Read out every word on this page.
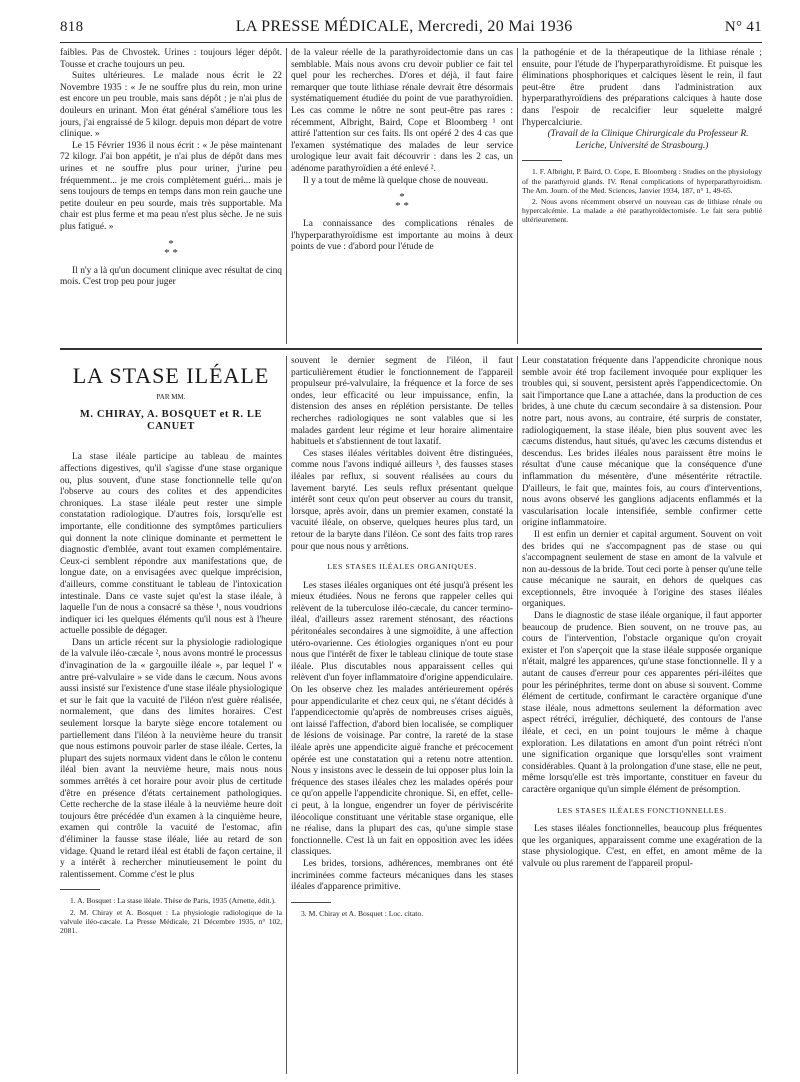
818	LA PRESSE MÉDICALE, Mercredi, 20 Mai 1936	N° 41

faibles. Pas de Chvostek. Urines : toujours léger dépôt. Tousse et crache toujours un peu.

Suites ultérieures. Le malade nous écrit le 22 Novembre 1935 : « Je ne souffre plus du rein, mon urine est encore un peu trouble, mais sans dépôt ; je n'ai plus de douleurs en urinant. Mon état général s'améliore tous les jours, j'ai engraissé de 5 kilogr. depuis mon départ de votre clinique. »

Le 15 Février 1936 il nous écrit : « Je pèse maintenant 72 kilogr. J'ai bon appétit, je n'ai plus de dépôt dans mes urines et ne souffre plus pour uriner, j'urine peu fréquemment... je me crois complètement guéri... mais je sens toujours de temps en temps dans mon rein gauche une petite douleur en peu sourde, mais très supportable. Ma chair est plus ferme et ma peau n'est plus sèche. Je ne suis plus fatigué. »

*
* *

Il n'y a là qu'un document clinique avec résultat de cinq mois. C'est trop peu pour juger

de la valeur réelle de la parathyroïdectomie dans un cas semblable. Mais nous avons cru devoir publier ce fait tel quel pour les recherches. D'ores et déjà, il faut faire remarquer que toute lithiase rénale devrait être désormais systématiquement étudiée du point de vue parathyroïdien. Les cas comme le nôtre ne sont peut-être pas rares : récemment, Albright, Baird, Cope et Bloomberg ¹ ont attiré l'attention sur ces faits. Ils ont opéré 2 des 4 cas que l'examen systématique des malades de leur service urologique leur avait fait découvrir : dans les 2 cas, un adénome parathyroïdien a été enlevé ².

Il y a tout de même là quelque chose de nouveau.

*
* *

La connaissance des complications rénales de l'hyperparathyroïdisme est importante au moins à deux points de vue : d'abord pour l'étude de

la pathogénie et de la thérapeutique de la lithiase rénale ; ensuite, pour l'étude de l'hyperparathyroïdisme. Et puisque les éliminations phosphoriques et calciques lèsent le rein, il faut peut-être être prudent dans l'administration aux hyperparathyroïdiens des préparations calciques à haute dose dans l'espoir de recalcifier leur squelette malgré l'hypercalciurie.

(Travail de la Clinique Chirurgicale du Professeur R. Leriche, Université de Strasbourg.)

1. F. Albright, P. Baird, O. Cope, E. Bloomberg : Studies on the physiology of the parathyroid glands. IV. Renal complications of hyperparathyroidism. The Am. Journ. of the Med. Sciences, Janvier 1934, 187, n° 1, 49-65.

2. Nous avons récemment observé un nouveau cas de lithiase rénale ou hypercalcémie. La malade a été parathyroïdectomisée. Le fait sera publié ultérieurement.

LA STASE ILÉALE
PAR MM.
M. CHIRAY, A. BOSQUET et R. LE CANUET

La stase iléale participe au tableau de maintes affections digestives, qu'il s'agisse d'une stase organique ou, plus souvent, d'une stase fonctionnelle telle qu'on l'observe au cours des colites et des appendicites chroniques. La stase iléale peut rester une simple constatation radiologique. D'autres fois, lorsqu'elle est importante, elle conditionne des symptômes particuliers qui donnent la note clinique dominante et permettent le diagnostic d'emblée, avant tout examen complémentaire. Ceux-ci semblent répondre aux manifestations que, de longue date, on a envisagées avec quelque imprécision, d'ailleurs, comme constituant le tableau de l'intoxication intestinale. Dans ce vaste sujet qu'est la stase iléale, à laquelle l'un de nous a consacré sa thèse ¹, nous voudrions indiquer ici les quelques éléments qu'il nous est à l'heure actuelle possible de dégager.

Dans un article récent sur la physiologie radiologique de la valvule iléo-cæcale ², nous avons montré le processus d'invagination de la « gargouille iléale », par lequel l' « antre pré-valvulaire » se vide dans le cæcum. Nous avons aussi insisté sur l'existence d'une stase iléale physiologique et sur le fait que la vacuité de l'iléon n'est guère réalisée, normalement, que dans des limites horaires. C'est seulement lorsque la baryte siège encore totalement ou partiellement dans l'iléon à la neuvième heure du transit que nous estimons pouvoir parler de stase iléale. Certes, la plupart des sujets normaux vident dans le côlon le contenu iléal bien avant la neuvième heure, mais nous nous sommes arrêtés à cet horaire pour avoir plus de certitude d'être en présence d'états certainement pathologiques. Cette recherche de la stase iléale à la neuvième heure doit toujours être précédée d'un examen à la cinquième heure, examen qui contrôle la vacuité de l'estomac, afin d'éliminer la fausse stase iléale, liée au retard de son vidage. Quand le retard iléal est établi de façon certaine, il y a intérêt à rechercher minutieusement le point du ralentissement. Comme c'est le plus

1. A. Bosquet : La stase iléale. Thèse de Paris, 1935 (Arnette, édit.).

2. M. Chiray et A. Bosquet : La physiologie radiologique de la valvule iléo-cæcale. La Presse Médicale, 21 Décembre 1935, n° 102, 2081.

souvent le dernier segment de l'iléon, il faut particulièrement étudier le fonctionnement de l'appareil propulseur pré-valvulaire, la fréquence et la force de ses ondes, leur efficacité ou leur impuissance, enfin, la distension des anses en réplétion persistante. De telles recherches radiologiques ne sont valables que si les malades gardent leur régime et leur horaire alimentaire habituels et s'abstiennent de tout laxatif.

Ces stases iléales véritables doivent être distinguées, comme nous l'avons indiqué ailleurs ³, des fausses stases iléales par reflux, si souvent réalisées au cours du lavement baryté. Les seuls reflux présentant quelque intérêt sont ceux qu'on peut observer au cours du transit, lorsque, après avoir, dans un premier examen, constaté la vacuité iléale, on observe, quelques heures plus tard, un retour de la baryte dans l'iléon. Ce sont des faits trop rares pour que nous nous y arrêtions.

LES STASES ILÉALES ORGANIQUES.

Les stases iléales organiques ont été jusqu'à présent les mieux étudiées. Nous ne ferons que rappeler celles qui relèvent de la tuberculose iléo-cæcale, du cancer termino-iléal, d'ailleurs assez rarement sténosant, des réactions péritonéales secondaires à une sigmoïdite, à une affection utéro-ovarienne. Ces étiologies organiques n'ont eu pour nous que l'intérêt de fixer le tableau clinique de toute stase iléale. Plus discutables nous apparaissent celles qui relèvent d'un foyer inflammatoire d'origine appendiculaire. On les observe chez les malades antérieurement opérés pour appendicularite et chez ceux qui, ne s'étant décidés à l'appendicectomie qu'après de nombreuses crises aiguës, ont laissé l'affection, d'abord bien localisée, se compliquer de lésions de voisinage. Par contre, la rareté de la stase iléale après une appendicite aiguë franche et précocement opérée est une constatation qui a retenu notre attention. Nous y insistons avec le dessein de lui opposer plus loin la fréquence des stases iléales chez les malades opérés pour ce qu'on appelle l'appendicite chronique. Si, en effet, celle-ci peut, à la longue, engendrer un foyer de périviscérite iléocolique constituant une véritable stase organique, elle ne réalise, dans la plupart des cas, qu'une simple stase fonctionnelle. C'est là un fait en opposition avec les idées classiques.

Les brides, torsions, adhérences, membranes ont été incriminées comme facteurs mécaniques dans les stases iléales d'apparence primitive.

3. M. Chiray et A. Bosquet : Loc. citato.

Leur constatation fréquente dans l'appendicite chronique nous semble avoir été trop facilement invoquée pour expliquer les troubles qui, si souvent, persistent après l'appendicectomie. On sait l'importance que Lane a attachée, dans la production de ces brides, à une chute du cæcum secondaire à sa distension. Pour notre part, nous avons, au contraire, été surpris de constater, radiologiquement, la stase iléale, bien plus souvent avec les cæcums distendus, haut situés, qu'avec les cæcums distendus et descendus. Les brides iléales nous paraissent être moins le résultat d'une cause mécanique que la conséquence d'une inflammation du mésentère, d'une mésentérite rétractile. D'ailleurs, le fait que, maintes fois, au cours d'interventions, nous avons observé les ganglions adjacents enflammés et la vascularisation locale intensifiée, semble confirmer cette origine inflammatoire.

Il est enfin un dernier et capital argument. Souvent on voit des brides qui ne s'accompagnent pas de stase ou qui s'accompagnent seulement de stase en amont de la valvule et non au-dessous de la bride. Tout ceci porte à penser qu'une telle cause mécanique ne saurait, en dehors de quelques cas exceptionnels, être invoquée à l'origine des stases iléales organiques.

Dans le diagnostic de stase iléale organique, il faut apporter beaucoup de prudence. Bien souvent, on ne trouve pas, au cours de l'intervention, l'obstacle organique qu'on croyait exister et l'on s'aperçoit que la stase iléale supposée organique n'était, malgré les apparences, qu'une stase fonctionnelle. Il y a autant de causes d'erreur pour ces apparentes péri-iléites que pour les périnéphrites, terme dont on abuse si souvent. Comme élément de certitude, confirmant le caractère organique d'une stase iléale, nous admettons seulement la déformation avec aspect rétréci, irrégulier, déchiqueté, des contours de l'anse iléale, et ceci, en un point toujours le même à chaque exploration. Les dilatations en amont d'un point rétréci n'ont une signification organique que lorsqu'elles sont vraiment considérables. Quant à la prolongation d'une stase, elle ne peut, même lorsqu'elle est très importante, constituer en faveur du caractère organique qu'un simple élément de présomption.

LES STASES ILÉALES FONCTIONNELLES.

Les stases iléales fonctionnelles, beaucoup plus fréquentes que les organiques, apparaissent comme une exagération de la stase physiologique. C'est, en effet, en amont même de la valvule ou plus rarement de l'appareil propul-
